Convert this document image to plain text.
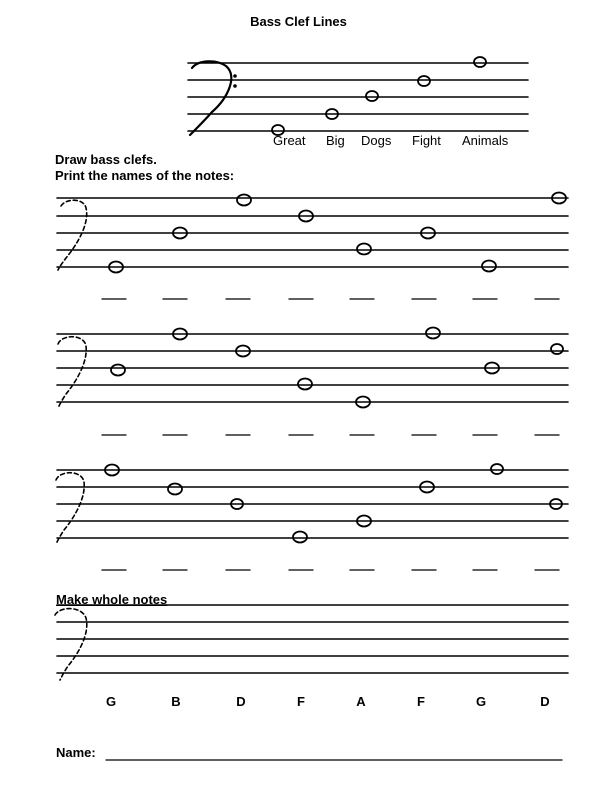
Bass Clef Lines
Great Big Dogs Fight Animals
Draw bass clefs.
Print the names of the notes:
Make whole notes
G	B	D	F	A	F	G	D
Name:
